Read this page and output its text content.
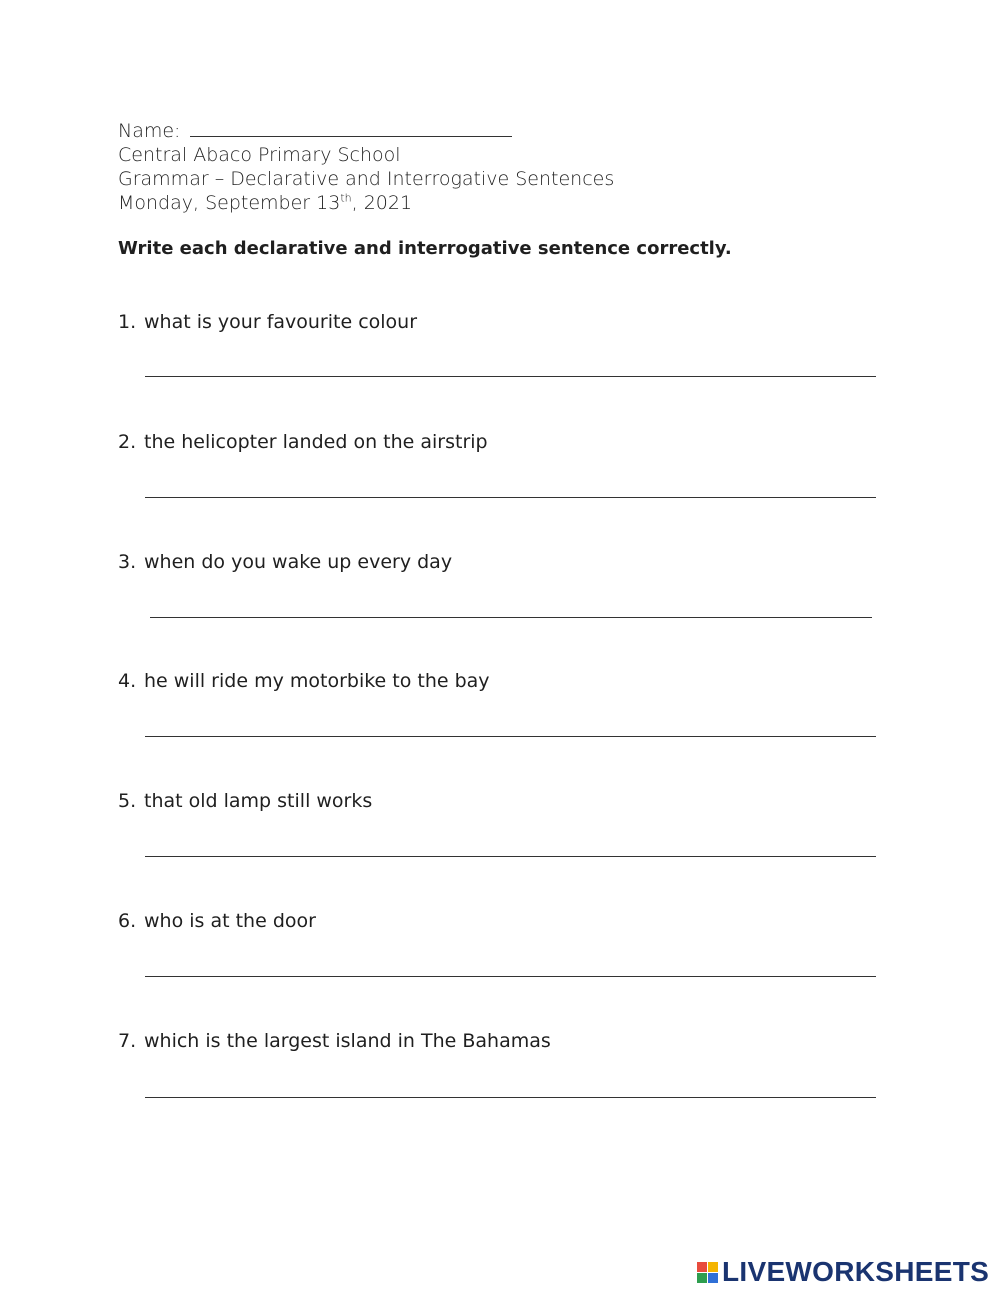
Name:
Central Abaco Primary School
Grammar – Declarative and Interrogative Sentences
Monday, September 13th, 2021
Write each declarative and interrogative sentence correctly.
1. what is your favourite colour
2. the helicopter landed on the airstrip
3. when do you wake up every day
4. he will ride my motorbike to the bay
5. that old lamp still works
6. who is at the door
7. which is the largest island in The Bahamas
LIVEWORKSHEETS
